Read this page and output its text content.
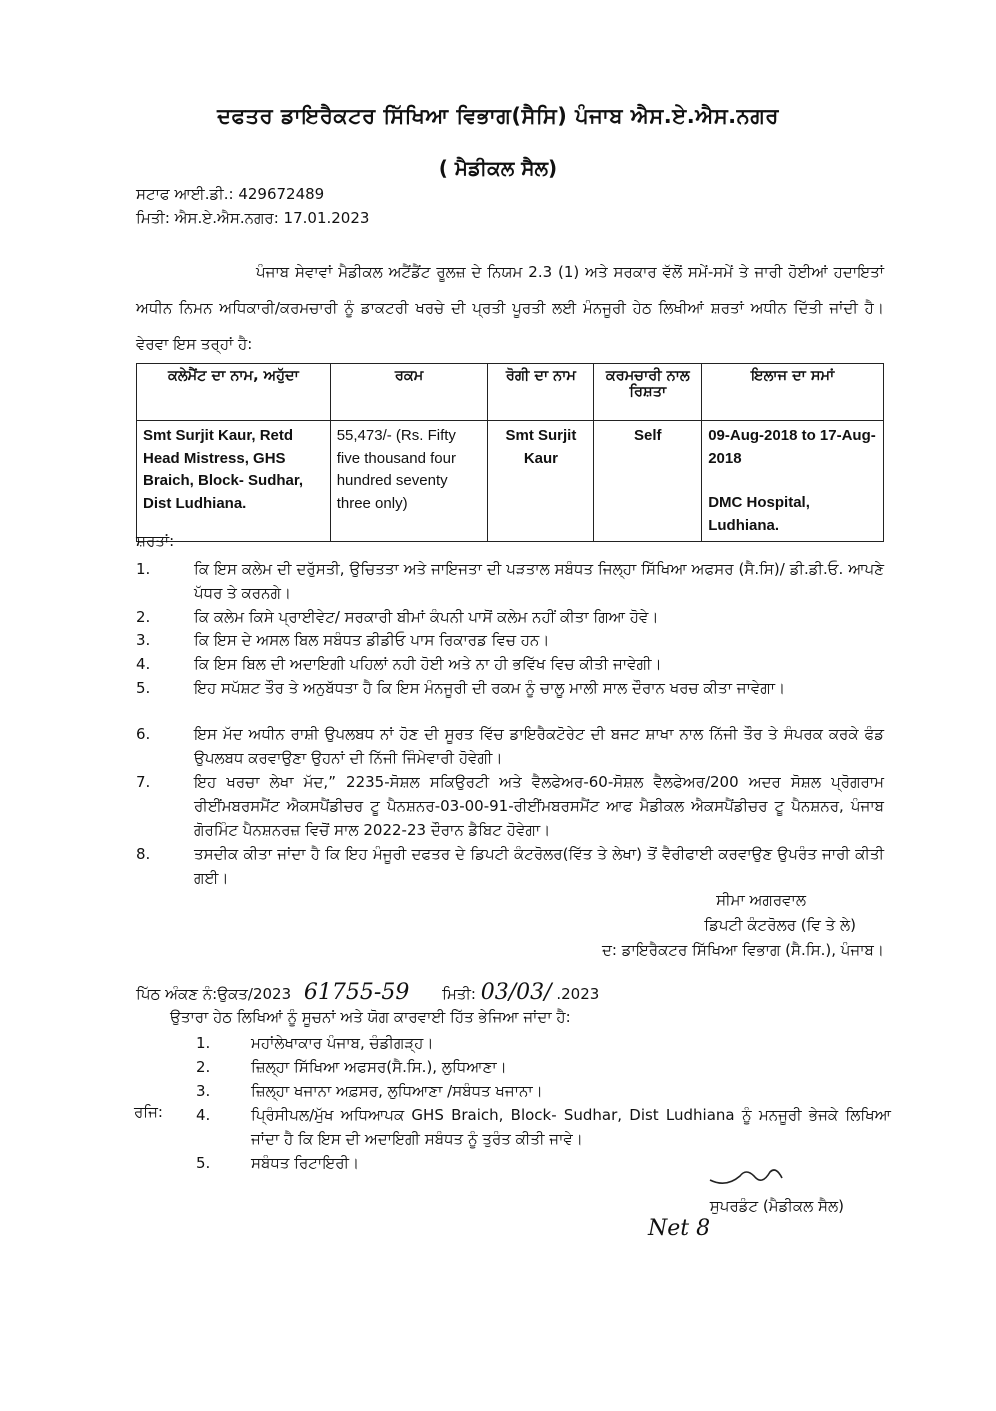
ਦਫਤਰ ਡਾਇਰੈਕਟਰ ਸਿੱਖਿਆ ਵਿਭਾਗ(ਸੈਸਿ) ਪੰਜਾਬ ਐਸ.ਏ.ਐਸ.ਨਗਰ
( ਮੈਡੀਕਲ ਸੈਲ)
ਸਟਾਫ ਆਈ.ਡੀ.: 429672489
ਮਿਤੀ: ਐਸ.ਏ.ਐਸ.ਨਗਰ: 17.01.2023
ਪੰਜਾਬ ਸੇਵਾਵਾਂ ਮੈਡੀਕਲ ਅਟੈਂਡੈਂਟ ਰੂਲਜ਼ ਦੇ ਨਿਯਮ 2.3 (1) ਅਤੇ ਸਰਕਾਰ ਵੱਲੋਂ ਸਮੇਂ-ਸਮੇਂ ਤੇ ਜਾਰੀ ਹੋਈਆਂ ਹਦਾਇਤਾਂ ਅਧੀਨ ਨਿਮਨ ਅਧਿਕਾਰੀ/ਕਰਮਚਾਰੀ ਨੂੰ ਡਾਕਟਰੀ ਖਰਚੇ ਦੀ ਪ੍ਰਤੀ ਪੂਰਤੀ ਲਈ ਮੰਨਜੂਰੀ ਹੇਠ ਲਿਖੀਆਂ ਸ਼ਰਤਾਂ ਅਧੀਨ ਦਿੱਤੀ ਜਾਂਦੀ ਹੈ। ਵੇਰਵਾ ਇਸ ਤਰ੍ਹਾਂ ਹੈ:
ਕਲੇਮੈਂਟ ਦਾ ਨਾਮ, ਅਹੁੱਦਾ	ਰਕਮ	ਰੋਗੀ ਦਾ ਨਾਮ	ਕਰਮਚਾਰੀ ਨਾਲ ਰਿਸ਼ਤਾ	ਇਲਾਜ ਦਾ ਸਮਾਂ
Smt Surjit Kaur, Retd Head Mistress, GHS Braich, Block- Sudhar, Dist Ludhiana.	55,473/- (Rs. Fifty five thousand four hundred seventy three only)	Smt Surjit Kaur	Self	09-Aug-2018 to 17-Aug-2018
DMC Hospital, Ludhiana.
ਸ਼ਰਤਾਂ:
1.	ਕਿ ਇਸ ਕਲੇਮ ਦੀ ਦਰੁੱਸਤੀ, ਉਚਿਤਤਾ ਅਤੇ ਜਾਇਜਤਾ ਦੀ ਪੜਤਾਲ ਸਬੰਧਤ ਜਿਲ੍ਹਾ ਸਿੱਖਿਆ ਅਫਸਰ (ਸੈ.ਸਿ)/ ਡੀ.ਡੀ.ਓ. ਆਪਣੇ ਪੱਧਰ ਤੇ ਕਰਨਗੇ।
2.	ਕਿ ਕਲੇਮ ਕਿਸੇ ਪ੍ਰਾਈਵੇਟ/ ਸਰਕਾਰੀ ਬੀਮਾਂ ਕੰਪਨੀ ਪਾਸੋਂ ਕਲੇਮ ਨਹੀਂ ਕੀਤਾ ਗਿਆ ਹੋਵੇ।
3.	ਕਿ ਇਸ ਦੇ ਅਸਲ ਬਿਲ ਸਬੰਧਤ ਡੀਡੀਓ ਪਾਸ ਰਿਕਾਰਡ ਵਿਚ ਹਨ।
4.	ਕਿ ਇਸ ਬਿਲ ਦੀ ਅਦਾਇਗੀ ਪਹਿਲਾਂ ਨਹੀ ਹੋਈ ਅਤੇ ਨਾ ਹੀ ਭਵਿੱਖ ਵਿਚ ਕੀਤੀ ਜਾਵੇਗੀ।
5.	ਇਹ ਸਪੱਸ਼ਟ ਤੌਰ ਤੇ ਅਨੁਬੱਧਤਾ ਹੈ ਕਿ ਇਸ ਮੰਨਜੂਰੀ ਦੀ ਰਕਮ ਨੂੰ ਚਾਲੂ ਮਾਲੀ ਸਾਲ ਦੌਰਾਨ ਖਰਚ ਕੀਤਾ ਜਾਵੇਗਾ।
6.	ਇਸ ਮੱਦ ਅਧੀਨ ਰਾਸ਼ੀ ਉਪਲਬਧ ਨਾਂ ਹੋਣ ਦੀ ਸੂਰਤ ਵਿੱਚ ਡਾਇਰੈਕਟੋਰੇਟ ਦੀ ਬਜਟ ਸ਼ਾਖਾ ਨਾਲ ਨਿੱਜੀ ਤੌਰ ਤੇ ਸੰਪਰਕ ਕਰਕੇ ਫੰਡ ਉਪਲਬਧ ਕਰਵਾਉਣਾ ਉਹਨਾਂ ਦੀ ਨਿੱਜੀ ਜਿੰਮੇਵਾਰੀ ਹੋਵੇਗੀ।
7.	ਇਹ ਖਰਚਾ ਲੇਖਾ ਮੱਦ,” 2235-ਸੋਸ਼ਲ ਸਕਿਉਰਟੀ ਅਤੇ ਵੈਲਫੇਅਰ-60-ਸੋਸ਼ਲ ਵੈਲਫੇਅਰ/200 ਅਦਰ ਸੋਸ਼ਲ ਪ੍ਰੋਗਰਾਮ ਰੀਈਂਮਬਰਸਮੈਂਟ ਐਕਸਪੈਂਡੀਚਰ ਟੂ ਪੈਨਸ਼ਨਰ-03-00-91-ਰੀਈਂਮਬਰਸਮੈਂਟ ਆਫ ਮੈਡੀਕਲ ਐਕਸਪੈਂਡੀਚਰ ਟੂ ਪੈਨਸ਼ਨਰ, ਪੰਜਾਬ ਗੋਰਮਿੰਟ ਪੈਨਸ਼ਨਰਜ਼ ਵਿਚੋਂ ਸਾਲ 2022-23 ਦੌਰਾਨ ਡੈਬਿਟ ਹੋਵੇਗਾ।
8.	ਤਸਦੀਕ ਕੀਤਾ ਜਾਂਦਾ ਹੈ ਕਿ ਇਹ ਮੰਜੂਰੀ ਦਫਤਰ ਦੇ ਡਿਪਟੀ ਕੰਟਰੋਲਰ(ਵਿੱਤ ਤੇ ਲੇਖਾ) ਤੋਂ ਵੈਰੀਫਾਈ ਕਰਵਾਉਣ ਉਪਰੰਤ ਜਾਰੀ ਕੀਤੀ ਗਈ।
ਸੀਮਾ ਅਗਰਵਾਲ
ਡਿਪਟੀ ਕੰਟਰੋਲਰ (ਵਿ ਤੇ ਲੇ)
ਦ: ਡਾਇਰੈਕਟਰ ਸਿੱਖਿਆ ਵਿਭਾਗ (ਸੈ.ਸਿ.), ਪੰਜਾਬ।
ਪਿੱਠ ਅੰਕਣ ਨੰ:ਉਕਤ/2023 61755-59 ਮਿਤੀ: 03/03/ .2023
ਉਤਾਰਾ ਹੇਠ ਲਿਖਿਆਂ ਨੂੰ ਸੂਚਨਾਂ ਅਤੇ ਯੋਗ ਕਾਰਵਾਈ ਹਿੱਤ ਭੇਜਿਆ ਜਾਂਦਾ ਹੈ:
1.	ਮਹਾਂਲੇਖਾਕਾਰ ਪੰਜਾਬ, ਚੰਡੀਗੜ੍ਹ।
2.	ਜ਼ਿਲ੍ਹਾ ਸਿੱਖਿਆ ਅਫਸਰ(ਸੈ.ਸਿ.), ਲੁਧਿਆਣਾ।
3.	ਜ਼ਿਲ੍ਹਾ ਖਜਾਨਾ ਅਫ਼ਸਰ, ਲੁਧਿਆਣਾ /ਸਬੰਧਤ ਖਜਾਨਾ।
ਰਜਿ: 4.	ਪ੍ਰਿੰਸੀਪਲ/ਮੁੱਖ ਅਧਿਆਪਕ GHS Braich, Block- Sudhar, Dist Ludhiana ਨੂੰ ਮਨਜੂਰੀ ਭੇਜਕੇ ਲਿਖਿਆ ਜਾਂਦਾ ਹੈ ਕਿ ਇਸ ਦੀ ਅਦਾਇਗੀ ਸਬੰਧਤ ਨੂੰ ਤੁਰੰਤ ਕੀਤੀ ਜਾਵੇ।
5.	ਸਬੰਧਤ ਰਿਟਾਇਰੀ।
ਸੁਪਰਡੰਟ (ਮੈਡੀਕਲ ਸੈਲ)
Net 8
